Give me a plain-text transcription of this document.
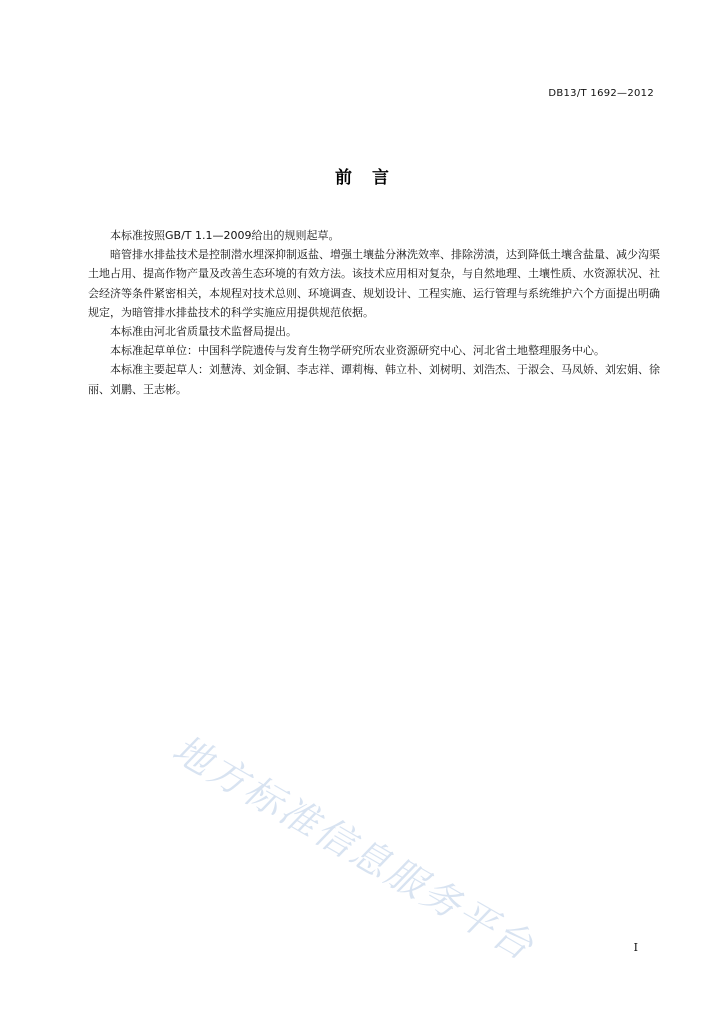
DB13/T 1692—2012
前言

本标准按照GB/T 1.1—2009给出的规则起草。

暗管排水排盐技术是控制潜水埋深抑制返盐、增强土壤盐分淋洗效率、排除涝渍，达到降低土壤含盐量、减少沟渠土地占用、提高作物产量及改善生态环境的有效方法。该技术应用相对复杂，与自然地理、土壤性质、水资源状况、社会经济等条件紧密相关，本规程对技术总则、环境调查、规划设计、工程实施、运行管理与系统维护六个方面提出明确规定，为暗管排水排盐技术的科学实施应用提供规范依据。

本标准由河北省质量技术监督局提出。

本标准起草单位：中国科学院遗传与发育生物学研究所农业资源研究中心、河北省土地整理服务中心。

本标准主要起草人：刘慧涛、刘金铜、李志祥、谭莉梅、韩立朴、刘树明、刘浩杰、于淑会、马凤娇、刘宏娟、徐丽、刘鹏、王志彬。

地方标准信息服务平台	I
